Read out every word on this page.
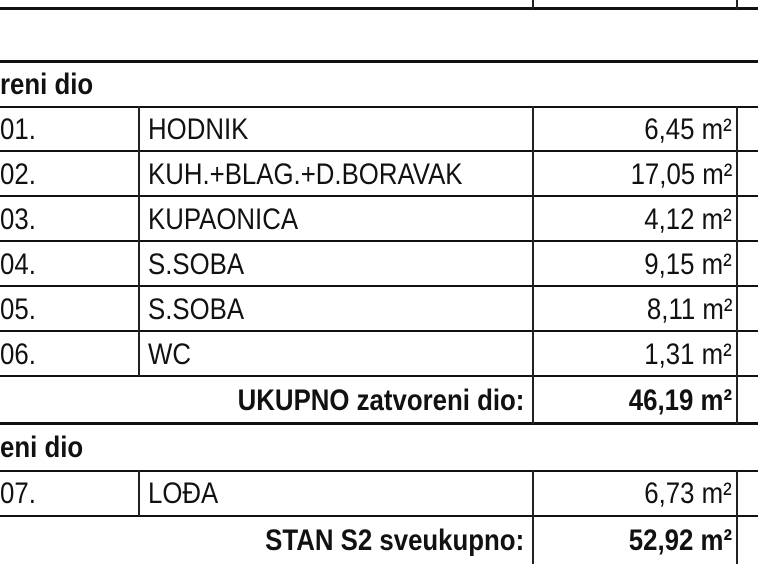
reni dio
01.	HODNIK	6,45 m²
02.	KUH.+BLAG.+D.BORAVAK	17,05 m²
03.	KUPAONICA	4,12 m²
04.	S.SOBA	9,15 m²
05.	S.SOBA	8,11 m²
06.	WC	1,31 m²
UKUPNO zatvoreni dio:	46,19 m²
eni dio
07.	LOĐA	6,73 m²
STAN S2 sveukupno:	52,92 m²
